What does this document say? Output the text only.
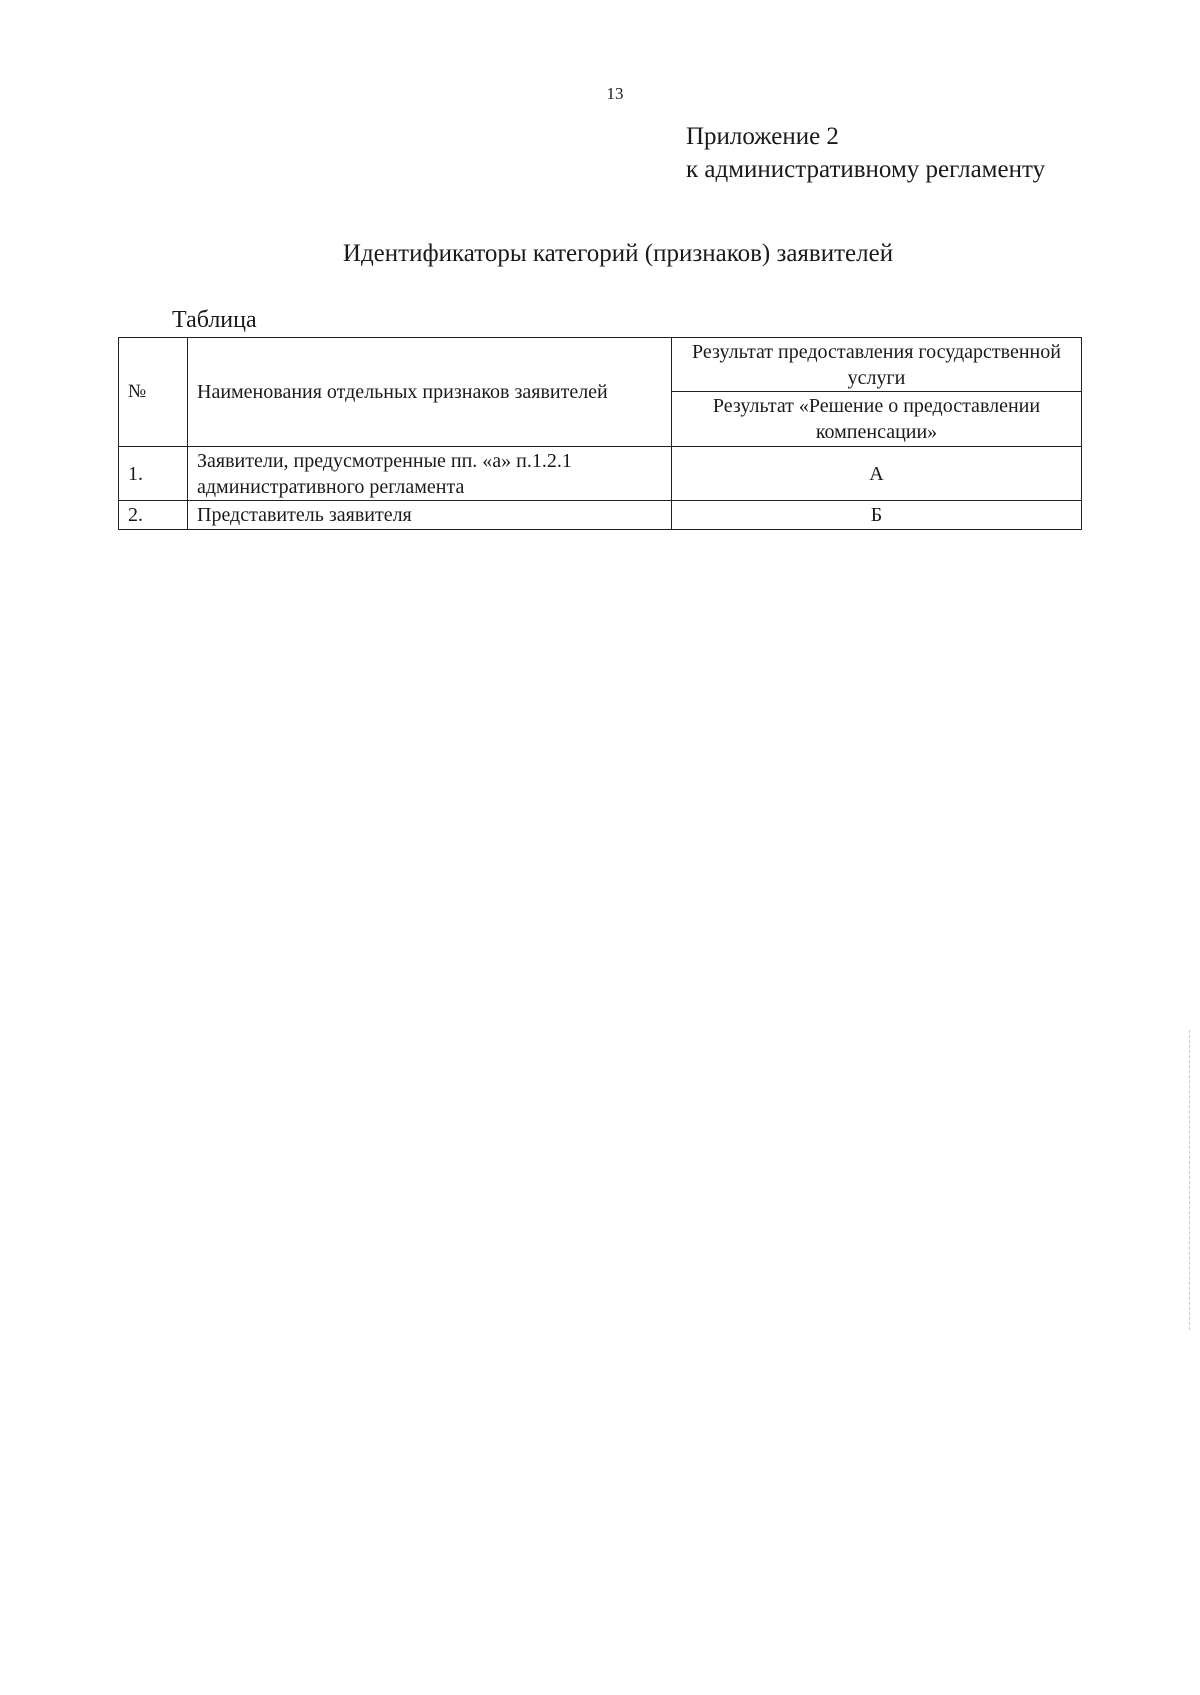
13
Приложение 2
к административному регламенту
Идентификаторы категорий (признаков) заявителей
Таблица
№	Наименования отдельных признаков заявителей	Результат предоставления государственной услуги
		Результат «Решение о предоставлении компенсации»
1.	Заявители, предусмотренные пп. «а» п.1.2.1 административного регламента	А
2.	Представитель заявителя	Б
